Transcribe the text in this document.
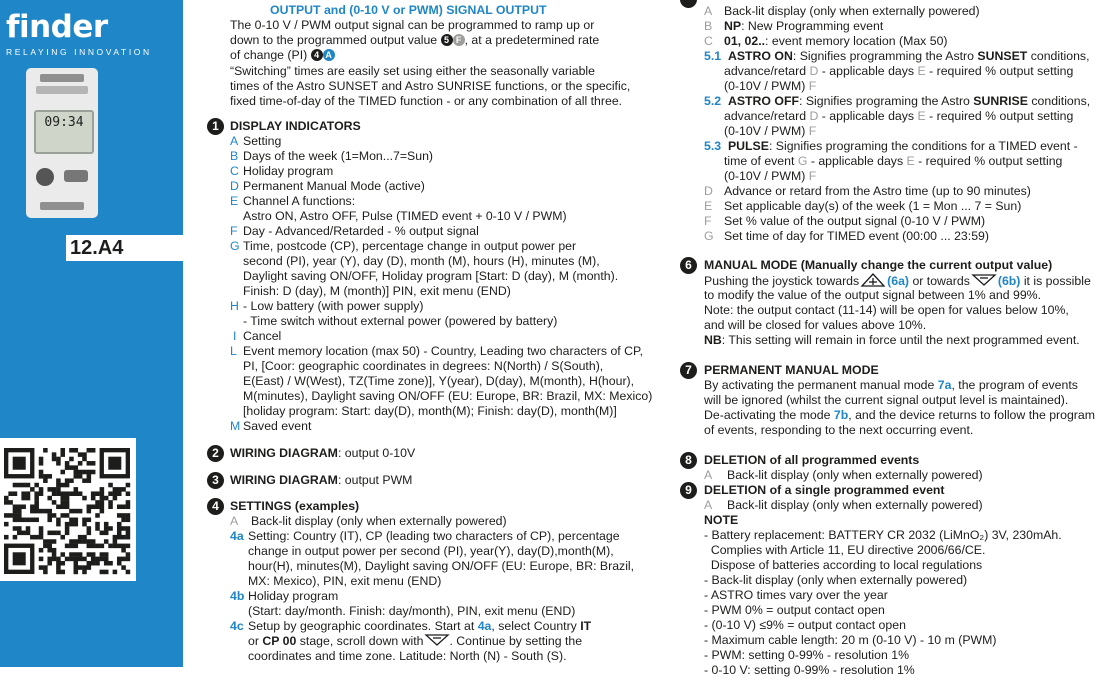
finder
RELAYING INNOVATION
09:34
12.A4
OUTPUT and (0-10 V or PWM) SIGNAL OUTPUT
The 0-10 V / PWM output signal can be programmed to ramp up or
down to the programmed output value 5 F , at a predetermined rate
of change (PI) 4 A
“Switching” times are easily set using either the seasonally variable
times of the Astro SUNSET and Astro SUNRISE functions, or the specific,
fixed time-of-day of the TIMED function - or any combination of all three.
1 DISPLAY INDICATORS
A Setting
B Days of the week (1=Mon...7=Sun)
C Holiday program
D Permanent Manual Mode (active)
E Channel A functions:
Astro ON, Astro OFF, Pulse (TIMED event + 0-10 V / PWM)
F Day - Advanced/Retarded - % output signal
G Time, postcode (CP), percentage change in output power per
second (PI), year (Y), day (D), month (M), hours (H), minutes (M),
Daylight saving ON/OFF, Holiday program [Start: D (day), M (month).
Finish: D (day), M (month)] PIN, exit menu (END)
H - Low battery (with power supply)
- Time switch without external power (powered by battery)
I Cancel
L Event memory location (max 50) - Country, Leading two characters of CP,
PI, [Coor: geographic coordinates in degrees: N(North) / S(South),
E(East) / W(West), TZ(Time zone)], Y(year), D(day), M(month), H(hour),
M(minutes), Daylight saving ON/OFF (EU: Europe, BR: Brazil, MX: Mexico)
[holiday program: Start: day(D), month(M); Finish: day(D), month(M)]
M Saved event
2 WIRING DIAGRAM: output 0-10V
3 WIRING DIAGRAM: output PWM
4 SETTINGS (examples)
A Back-lit display (only when externally powered)
4a Setting: Country (IT), CP (leading two characters of CP), percentage
change in output power per second (PI), year(Y), day(D),month(M),
hour(H), minutes(M), Daylight saving ON/OFF (EU: Europe, BR: Brazil,
MX: Mexico), PIN, exit menu (END)
4b Holiday program
(Start: day/month. Finish: day/month), PIN, exit menu (END)
4c Setup by geographic coordinates. Start at 4a, select Country IT
or CP 00 stage, scroll down with . Continue by setting the
coordinates and time zone. Latitude: North (N) - South (S).
A Back-lit display (only when externally powered)
B NP: New Programming event
C 01, 02..: event memory location (Max 50)
5.1 ASTRO ON: Signifies programming the Astro SUNSET conditions,
advance/retard D - applicable days E - required % output setting
(0-10V / PWM) F
5.2 ASTRO OFF: Signifies programing the Astro SUNRISE conditions,
advance/retard D - applicable days E - required % output setting
(0-10V / PWM) F
5.3 PULSE: Signifies programing the conditions for a TIMED event -
time of event G - applicable days E - required % output setting
(0-10V / PWM) F
D Advance or retard from the Astro time (up to 90 minutes)
E Set applicable day(s) of the week (1 = Mon ... 7 = Sun)
F Set % value of the output signal (0-10 V / PWM)
G Set time of day for TIMED event (00:00 ... 23:59)
6 MANUAL MODE (Manually change the current output value)
Pushing the joystick towards (6a) or towards (6b) it is possible
to modify the value of the output signal between 1% and 99%.
Note: the output contact (11-14) will be open for values below 10%,
and will be closed for values above 10%.
NB: This setting will remain in force until the next programmed event.
7 PERMANENT MANUAL MODE
By activating the permanent manual mode 7a, the program of events
will be ignored (whilst the current signal output level is maintained).
De-activating the mode 7b, and the device returns to follow the program
of events, responding to the next occurring event.
8 DELETION of all programmed events
A Back-lit display (only when externally powered)
9 DELETION of a single programmed event
A Back-lit display (only when externally powered)
NOTE
- Battery replacement: BATTERY CR 2032 (LiMnO₂) 3V, 230mAh.
Complies with Article 11, EU directive 2006/66/CE.
Dispose of batteries according to local regulations
- Back-lit display (only when externally powered)
- ASTRO times vary over the year
- PWM 0% = output contact open
- (0-10 V) ≤9% = output contact open
- Maximum cable length: 20 m (0-10 V) - 10 m (PWM)
- PWM: setting 0-99% - resolution 1%
- 0-10 V: setting 0-99% - resolution 1%
